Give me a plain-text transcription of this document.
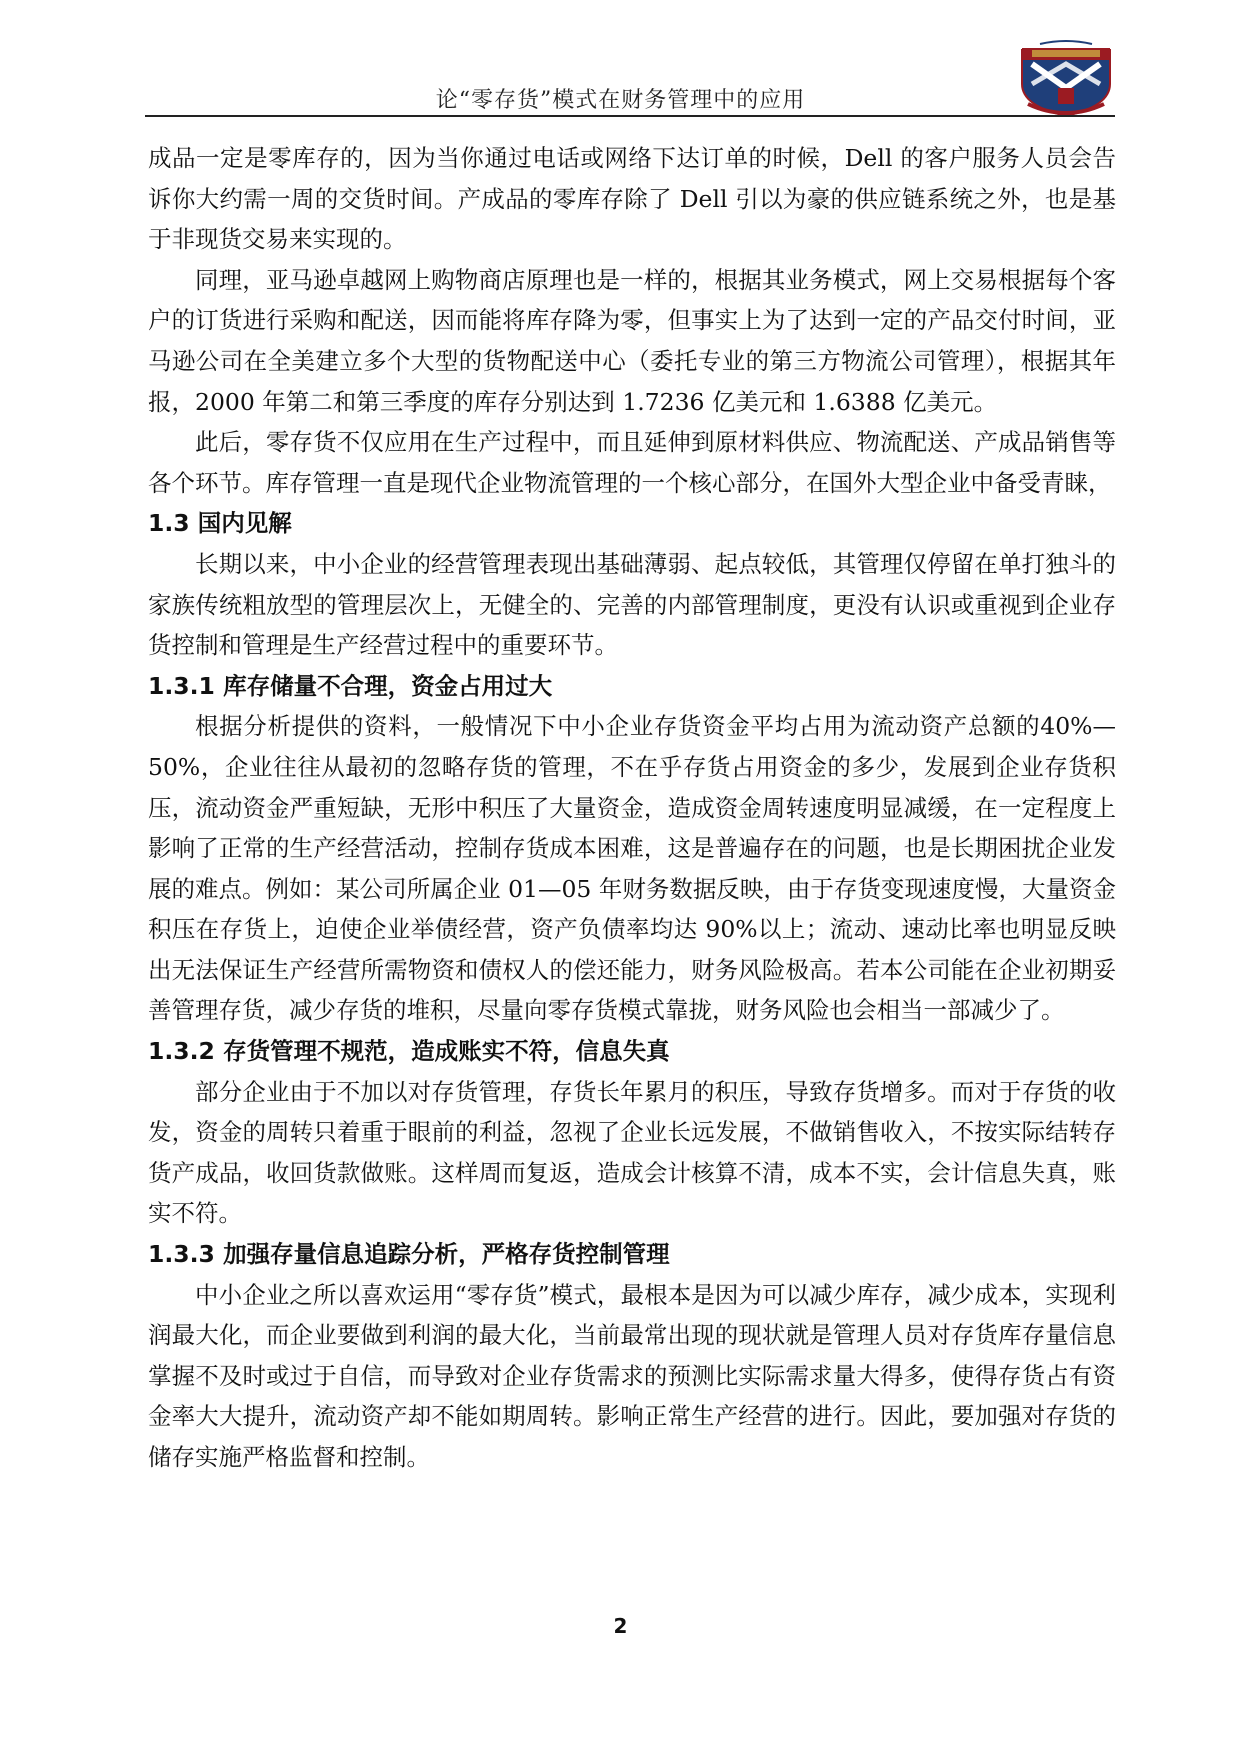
论“零存货”模式在财务管理中的应用

成品一定是零库存的，因为当你通过电话或网络下达订单的时候，Dell 的客户服务人员会告诉你大约需一周的交货时间。产成品的零库存除了 Dell 引以为豪的供应链系统之外，也是基于非现货交易来实现的。

同理，亚马逊卓越网上购物商店原理也是一样的，根据其业务模式，网上交易根据每个客户的订货进行采购和配送，因而能将库存降为零，但事实上为了达到一定的产品交付时间，亚马逊公司在全美建立多个大型的货物配送中心（委托专业的第三方物流公司管理），根据其年报，2000 年第二和第三季度的库存分别达到 1.7236 亿美元和 1.6388 亿美元。

此后，零存货不仅应用在生产过程中，而且延伸到原材料供应、物流配送、产成品销售等各个环节。库存管理一直是现代企业物流管理的一个核心部分，在国外大型企业中备受青睐，

1.3 国内见解

长期以来，中小企业的经营管理表现出基础薄弱、起点较低，其管理仅停留在单打独斗的家族传统粗放型的管理层次上，无健全的、完善的内部管理制度，更没有认识或重视到企业存货控制和管理是生产经营过程中的重要环节。

1.3.1 库存储量不合理，资金占用过大

根据分析提供的资料，一般情况下中小企业存货资金平均占用为流动资产总额的40%—50%，企业往往从最初的忽略存货的管理，不在乎存货占用资金的多少，发展到企业存货积压，流动资金严重短缺，无形中积压了大量资金，造成资金周转速度明显减缓，在一定程度上影响了正常的生产经营活动，控制存货成本困难，这是普遍存在的问题，也是长期困扰企业发展的难点。例如：某公司所属企业 01—05 年财务数据反映，由于存货变现速度慢，大量资金积压在存货上，迫使企业举债经营，资产负债率均达 90%以上；流动、速动比率也明显反映出无法保证生产经营所需物资和债权人的偿还能力，财务风险极高。若本公司能在企业初期妥善管理存货，减少存货的堆积，尽量向零存货模式靠拢，财务风险也会相当一部减少了。

1.3.2 存货管理不规范，造成账实不符，信息失真

部分企业由于不加以对存货管理，存货长年累月的积压，导致存货增多。而对于存货的收发，资金的周转只着重于眼前的利益，忽视了企业长远发展，不做销售收入，不按实际结转存货产成品，收回货款做账。这样周而复返，造成会计核算不清，成本不实，会计信息失真，账实不符。

1.3.3 加强存量信息追踪分析，严格存货控制管理

中小企业之所以喜欢运用“零存货”模式，最根本是因为可以减少库存，减少成本，实现利润最大化，而企业要做到利润的最大化，当前最常出现的现状就是管理人员对存货库存量信息掌握不及时或过于自信，而导致对企业存货需求的预测比实际需求量大得多，使得存货占有资金率大大提升，流动资产却不能如期周转。影响正常生产经营的进行。因此，要加强对存货的储存实施严格监督和控制。

2
